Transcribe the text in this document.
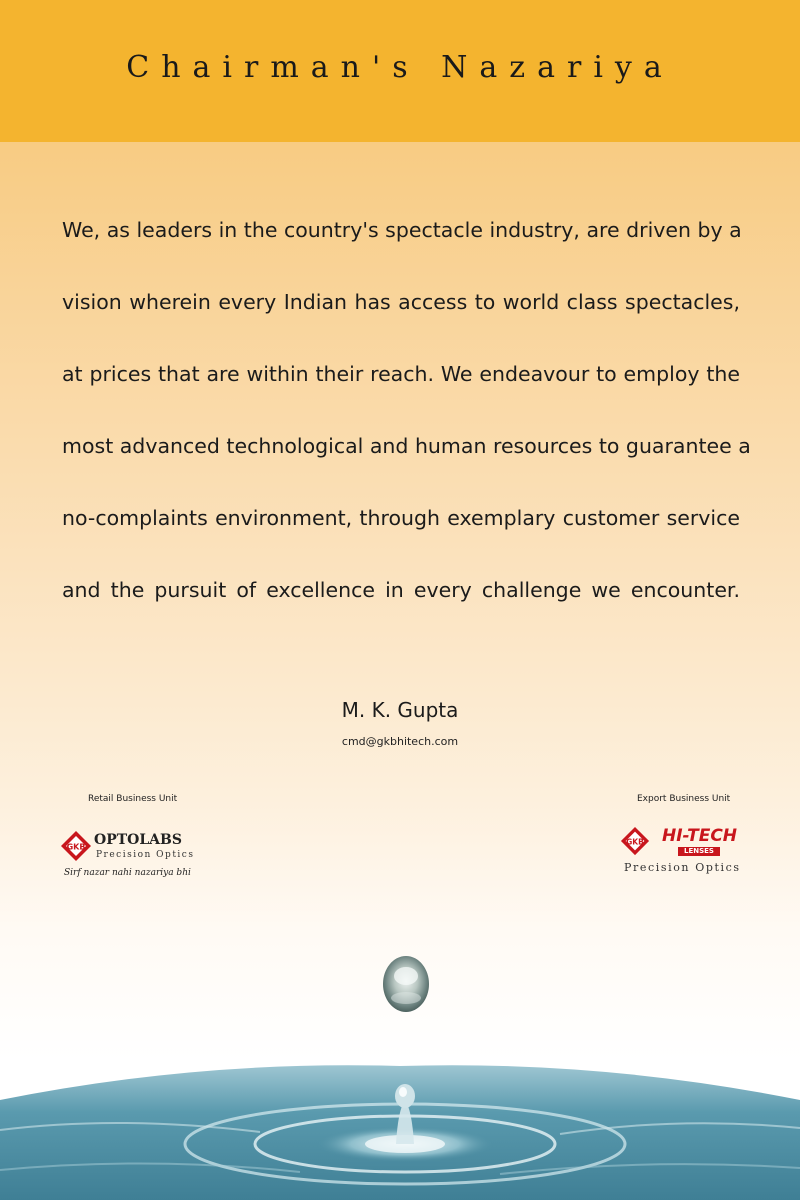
Chairman's Nazariya
We, as leaders in the country's spectacle industry, are driven by a
vision wherein every Indian has access to world class spectacles,
at prices that are within their reach. We endeavour to employ the
most advanced technological and human resources to guarantee a
no-complaints environment, through exemplary customer service
and the pursuit of excellence in every challenge we encounter.
M. K. Gupta
cmd@gkbhitech.com
Retail Business Unit	Export Business Unit
GKB OPTOLABS
Precision Optics
Sirf nazar nahi nazariya bhi
GKB HI-TECH
LENSES
Precision Optics
